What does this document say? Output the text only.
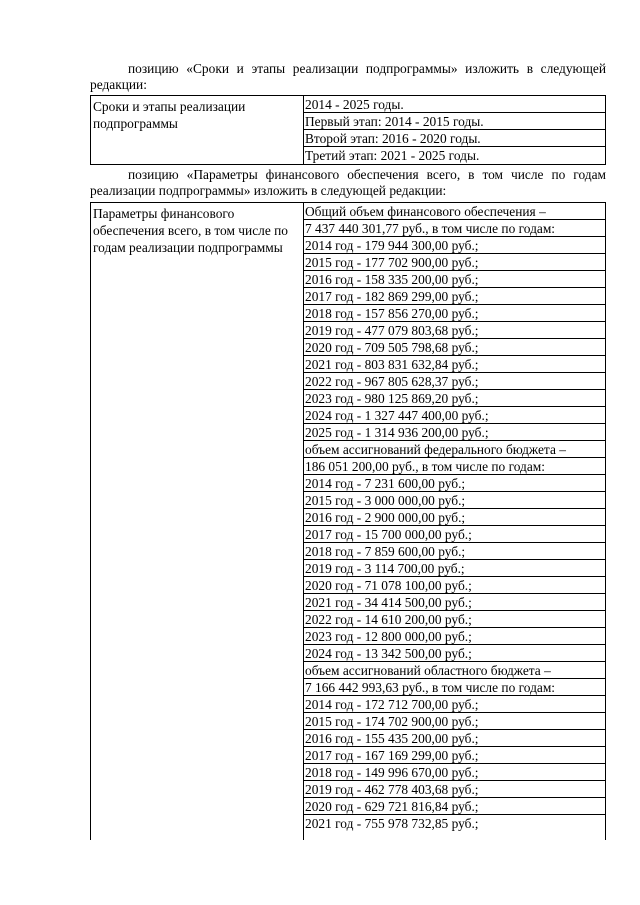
позицию «Сроки и этапы реализации подпрограммы» изложить в следующей редакции:
Сроки и этапы реализации подпрограммы
2014 - 2025 годы.
Первый этап: 2014 - 2015 годы.
Второй этап: 2016 - 2020 годы.
Третий этап: 2021 - 2025 годы.
позицию «Параметры финансового обеспечения всего, в том числе по годам реализации подпрограммы» изложить в следующей редакции:
Параметры финансового обеспечения всего, в том числе по годам реализации подпрограммы
Общий объем финансового обеспечения –
7 437 440 301,77 руб., в том числе по годам:
2014 год - 179 944 300,00 руб.;
2015 год - 177 702 900,00 руб.;
2016 год - 158 335 200,00 руб.;
2017 год - 182 869 299,00 руб.;
2018 год - 157 856 270,00 руб.;
2019 год - 477 079 803,68 руб.;
2020 год - 709 505 798,68 руб.;
2021 год - 803 831 632,84 руб.;
2022 год - 967 805 628,37 руб.;
2023 год - 980 125 869,20 руб.;
2024 год - 1 327 447 400,00 руб.;
2025 год - 1 314 936 200,00 руб.;
объем ассигнований федерального бюджета –
186 051 200,00 руб., в том числе по годам:
2014 год - 7 231 600,00 руб.;
2015 год - 3 000 000,00 руб.;
2016 год - 2 900 000,00 руб.;
2017 год - 15 700 000,00 руб.;
2018 год - 7 859 600,00 руб.;
2019 год - 3 114 700,00 руб.;
2020 год - 71 078 100,00 руб.;
2021 год - 34 414 500,00 руб.;
2022 год - 14 610 200,00 руб.;
2023 год - 12 800 000,00 руб.;
2024 год - 13 342 500,00 руб.;
объем ассигнований областного бюджета –
7 166 442 993,63 руб., в том числе по годам:
2014 год - 172 712 700,00 руб.;
2015 год - 174 702 900,00 руб.;
2016 год - 155 435 200,00 руб.;
2017 год - 167 169 299,00 руб.;
2018 год - 149 996 670,00 руб.;
2019 год - 462 778 403,68 руб.;
2020 год - 629 721 816,84 руб.;
2021 год - 755 978 732,85 руб.;
